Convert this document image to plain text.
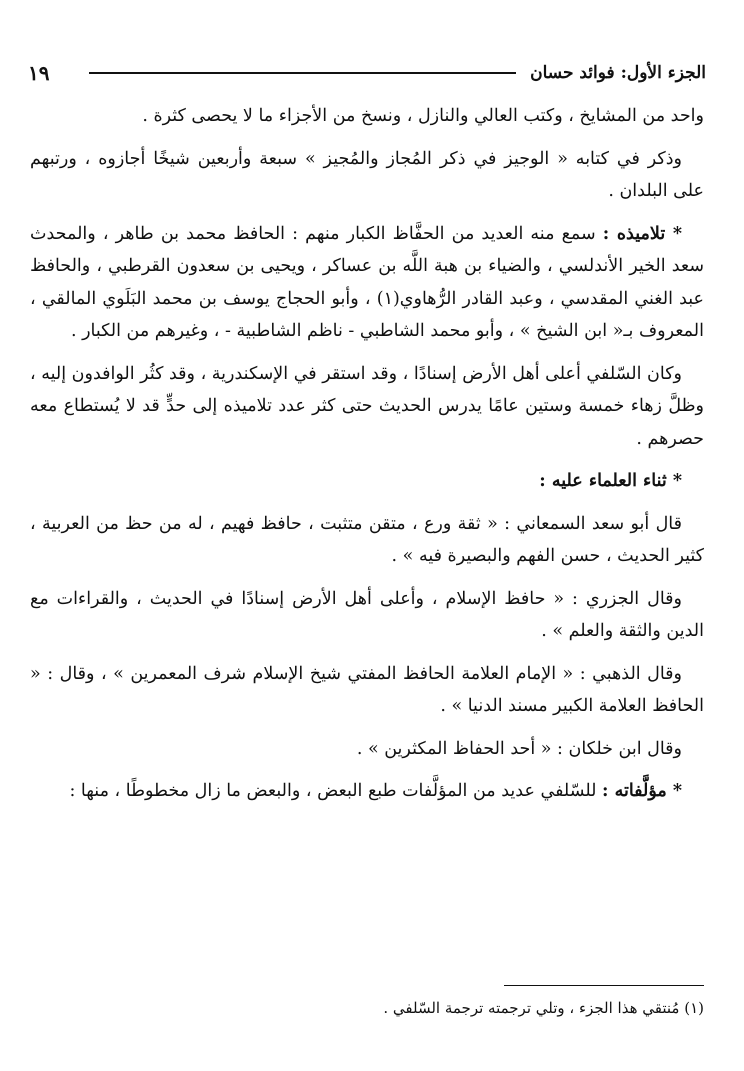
الجزء الأول: فوائد حسان
١٩

واحد من المشايخ ، وكتب العالي والنازل ، ونسخ من الأجزاء ما لا يحصى كثرة .

وذكر في كتابه « الوجيز في ذكر المُجاز والمُجيز » سبعة وأربعين شيخًا أجازوه ، ورتبهم على البلدان .

* تلاميذه : سمع منه العديد من الحفَّاظ الكبار منهم : الحافظ محمد بن طاهر ، والمحدث سعد الخير الأندلسي ، والضياء بن هبة اللَّه بن عساكر ، ويحيى بن سعدون القرطبي ، والحافظ عبد الغني المقدسي ، وعبد القادر الرُّهاوي(١) ، وأبو الحجاج يوسف بن محمد البَلَوي المالقي ، المعروف بـ« ابن الشيخ » ، وأبو محمد الشاطبي - ناظم الشاطبية - ، وغيرهم من الكبار .

وكان السّلفي أعلى أهل الأرض إسنادًا ، وقد استقر في الإسكندرية ، وقد كثُر الوافدون إليه ، وظلَّ زهاء خمسة وستين عامًا يدرس الحديث حتى كثر عدد تلاميذه إلى حدٍّ قد لا يُستطاع معه حصرهم .

* ثناء العلماء عليه :

قال أبو سعد السمعاني : « ثقة ورع ، متقن متثبت ، حافظ فهيم ، له من حظ من العربية ، كثير الحديث ، حسن الفهم والبصيرة فيه » .

وقال الجزري : « حافظ الإسلام ، وأعلى أهل الأرض إسنادًا في الحديث ، والقراءات مع الدين والثقة والعلم » .

وقال الذهبي : « الإمام العلامة الحافظ المفتي شيخ الإسلام شرف المعمرين » ، وقال : « الحافظ العلامة الكبير مسند الدنيا » .

وقال ابن خلكان : « أحد الحفاظ المكثرين » .

* مؤلَّفاته : للسّلفي عديد من المؤلَّفات طبع البعض ، والبعض ما زال مخطوطًا ، منها :

(١) مُنتقي هذا الجزء ، وتلي ترجمته ترجمة السّلفي .
